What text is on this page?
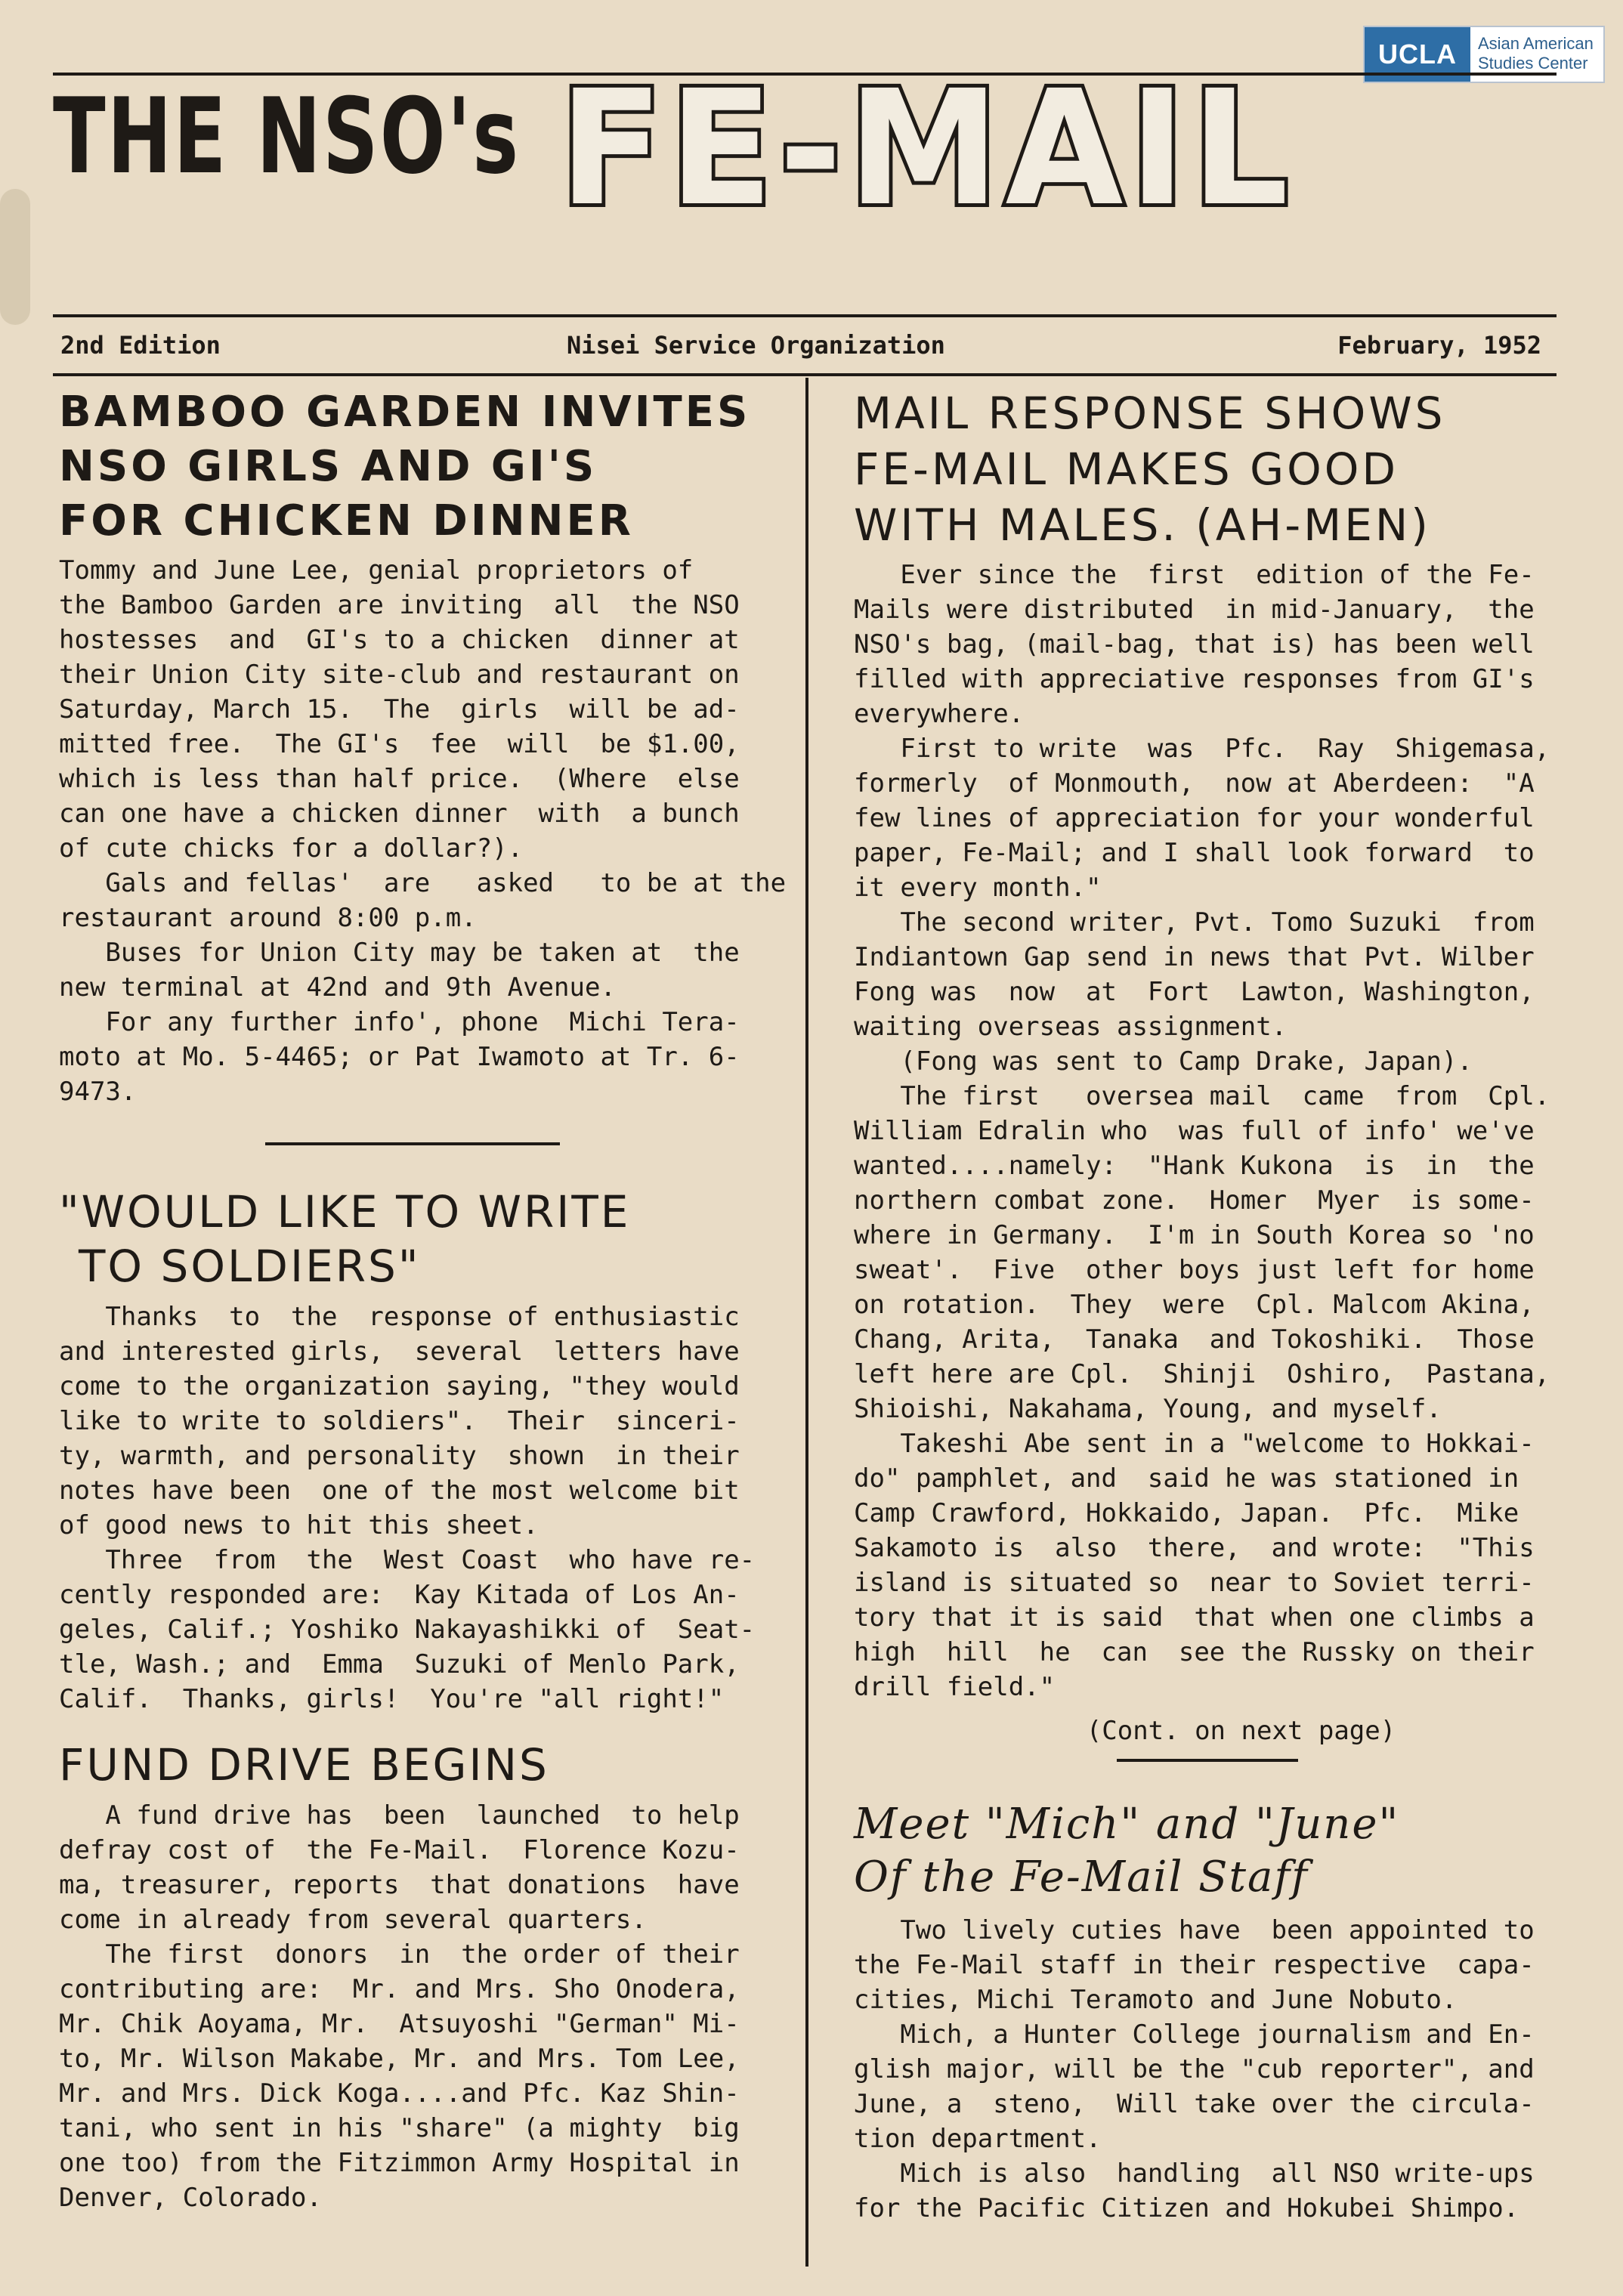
UCLA	Asian American
Studies Center
THE NSO's FE-MAIL
2nd Edition	Nisei Service Organization	February, 1952
BAMBOO GARDEN INVITES
NSO GIRLS AND GI'S
FOR CHICKEN DINNER

Tommy and June Lee, genial proprietors of
the Bamboo Garden are inviting  all  the NSO
hostesses  and  GI's to a chicken  dinner at
their Union City site-club and restaurant on
Saturday, March 15.  The  girls  will be ad-
mitted free.  The GI's  fee  will  be $1.00,
which is less than half price.  (Where  else
can one have a chicken dinner  with  a bunch
of cute chicks for a dollar?).
Gals and fellas'  are   asked   to be at the
restaurant around 8:00 p.m.
Buses for Union City may be taken at  the
new terminal at 42nd and 9th Avenue.
For any further info', phone  Michi Tera-
moto at Mo. 5-4465; or Pat Iwamoto at Tr. 6-
9473.

"WOULD LIKE TO WRITE
TO SOLDIERS"

Thanks  to  the  response of enthusiastic
and interested girls,  several  letters have
come to the organization saying, "they would
like to write to soldiers".  Their  sinceri-
ty, warmth, and personality  shown  in their
notes have been  one of the most welcome bit
of good news to hit this sheet.
Three  from  the  West Coast  who have re-
cently responded are:  Kay Kitada of Los An-
geles, Calif.; Yoshiko Nakayashikki of  Seat-
tle, Wash.; and  Emma  Suzuki of Menlo Park,
Calif.  Thanks, girls!  You're "all right!"

FUND DRIVE BEGINS

A fund drive has  been  launched  to help
defray cost of  the Fe-Mail.  Florence Kozu-
ma, treasurer, reports  that donations  have
come in already from several quarters.
The first  donors  in  the order of their
contributing are:  Mr. and Mrs. Sho Onodera,
Mr. Chik Aoyama, Mr.  Atsuyoshi "German" Mi-
to, Mr. Wilson Makabe, Mr. and Mrs. Tom Lee,
Mr. and Mrs. Dick Koga....and Pfc. Kaz Shin-
tani, who sent in his "share" (a mighty  big
one too) from the Fitzimmon Army Hospital in
Denver, Colorado.

MAIL RESPONSE SHOWS
FE-MAIL MAKES GOOD
WITH MALES. (AH-MEN)

Ever since the  first  edition of the Fe-
Mails were distributed  in mid-January,  the
NSO's bag, (mail-bag, that is) has been well
filled with appreciative responses from GI's
everywhere.
First to write  was  Pfc.  Ray  Shigemasa,
formerly  of Monmouth,  now at Aberdeen:  "A
few lines of appreciation for your wonderful
paper, Fe-Mail; and I shall look forward  to
it every month."
The second writer, Pvt. Tomo Suzuki  from
Indiantown Gap send in news that Pvt. Wilber
Fong was  now  at  Fort  Lawton, Washington,
waiting overseas assignment.
(Fong was sent to Camp Drake, Japan).
The first   oversea mail  came  from  Cpl.
William Edralin who  was full of info' we've
wanted....namely:  "Hank Kukona  is  in  the
northern combat zone.  Homer  Myer  is some-
where in Germany.  I'm in South Korea so 'no
sweat'.  Five  other boys just left for home
on rotation.  They  were  Cpl. Malcom Akina,
Chang, Arita,  Tanaka  and Tokoshiki.  Those
left here are Cpl.  Shinji  Oshiro,  Pastana,
Shioishi, Nakahama, Young, and myself.
Takeshi Abe sent in a "welcome to Hokkai-
do" pamphlet, and  said he was stationed in
Camp Crawford, Hokkaido, Japan.  Pfc.  Mike
Sakamoto is  also  there,  and wrote:  "This
island is situated so  near to Soviet terri-
tory that it is said  that when one climbs a
high  hill  he  can  see the Russky on their
drill field."

(Cont. on next page)

Meet "Mich" and "June"
Of the Fe-Mail Staff

Two lively cuties have  been appointed to
the Fe-Mail staff in their respective  capa-
cities, Michi Teramoto and June Nobuto.
Mich, a Hunter College journalism and En-
glish major, will be the "cub reporter", and
June, a  steno,  Will take over the circula-
tion department.
Mich is also  handling  all NSO write-ups
for the Pacific Citizen and Hokubei Shimpo.
